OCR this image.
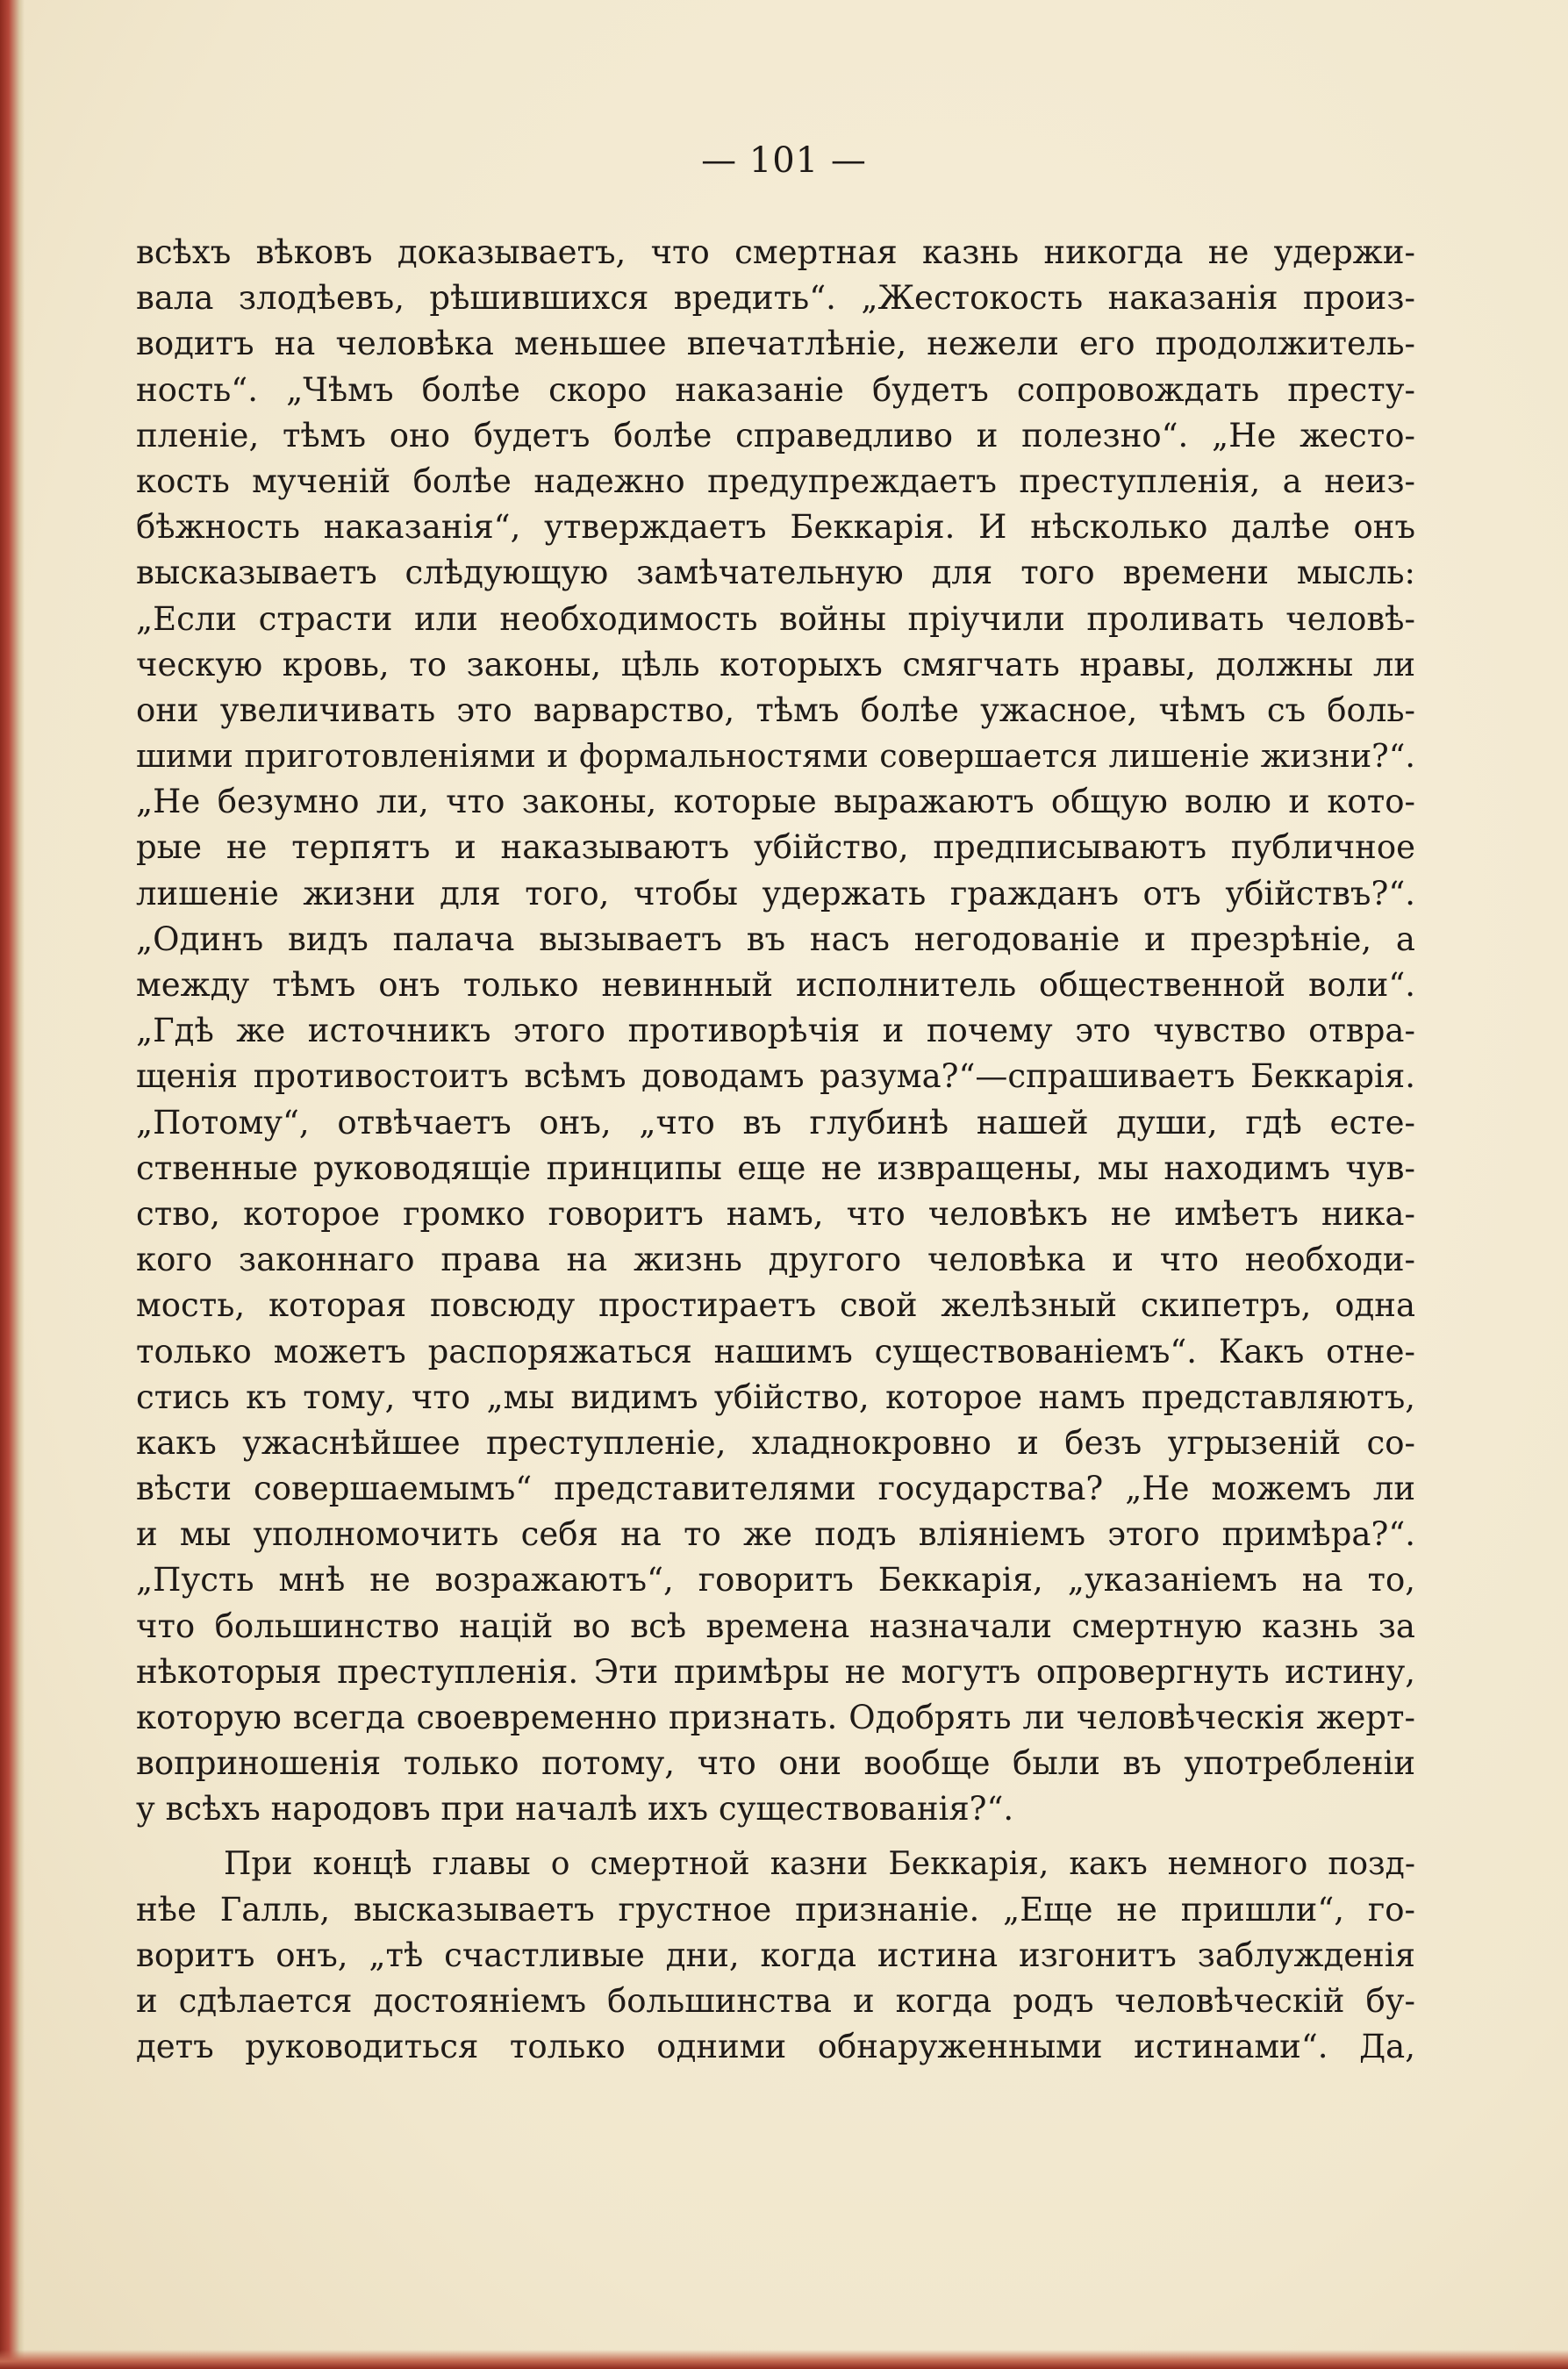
— 101 —
всѣхъ вѣковъ доказываетъ, что смертная казнь никогда не удержи-
вала злодѣевъ, рѣшившихся вредить“. „Жестокость наказанія произ-
водитъ на человѣка меньшее впечатлѣніе, нежели его продолжитель-
ность“. „Чѣмъ болѣе скоро наказаніе будетъ сопровождать престу-
пленіе, тѣмъ оно будетъ болѣе справедливо и полезно“. „Не жесто-
кость мученій болѣе надежно предупреждаетъ преступленія, а неиз-
бѣжность наказанія“, утверждаетъ Беккарія. И нѣсколько далѣе онъ
высказываетъ слѣдующую замѣчательную для того времени мысль:
„Если страсти или необходимость войны пріучили проливать человѣ-
ческую кровь, то законы, цѣль которыхъ смягчать нравы, должны ли
они увеличивать это варварство, тѣмъ болѣе ужасное, чѣмъ съ боль-
шими приготовленіями и формальностями совершается лишеніе жизни?“.
„Не безумно ли, что законы, которые выражаютъ общую волю и кото-
рые не терпятъ и наказываютъ убійство, предписываютъ публичное
лишеніе жизни для того, чтобы удержать гражданъ отъ убійствъ?“.
„Одинъ видъ палача вызываетъ въ насъ негодованіе и презрѣніе, а
между тѣмъ онъ только невинный исполнитель общественной воли“.
„Гдѣ же источникъ этого противорѣчія и почему это чувство отвра-
щенія противостоитъ всѣмъ доводамъ разума?“—спрашиваетъ Беккарія.
„Потому“, отвѣчаетъ онъ, „что въ глубинѣ нашей души, гдѣ есте-
ственные руководящіе принципы еще не извращены, мы находимъ чув-
ство, которое громко говоритъ намъ, что человѣкъ не имѣетъ ника-
кого законнаго права на жизнь другого человѣка и что необходи-
мость, которая повсюду простираетъ свой желѣзный скипетръ, одна
только можетъ распоряжаться нашимъ существованіемъ“. Какъ отне-
стись къ тому, что „мы видимъ убійство, которое намъ представляютъ,
какъ ужаснѣйшее преступленіе, хладнокровно и безъ угрызеній со-
вѣсти совершаемымъ“ представителями государства? „Не можемъ ли
и мы уполномочить себя на то же подъ вліяніемъ этого примѣра?“.
„Пусть мнѣ не возражаютъ“, говоритъ Беккарія, „указаніемъ на то,
что большинство націй во всѣ времена назначали смертную казнь за
нѣкоторыя преступленія. Эти примѣры не могутъ опровергнуть истину,
которую всегда своевременно признать. Одобрять ли человѣческія жерт-
вопринoшенія только потому, что они вообще были въ употребленіи
у всѣхъ народовъ при началѣ ихъ существованія?“.
При концѣ главы о смертной казни Беккарія, какъ немного позд-
нѣе Галль, высказываетъ грустное признаніе. „Еще не пришли“, го-
воритъ онъ, „тѣ счастливые дни, когда истина изгонитъ заблужденія
и сдѣлается достояніемъ большинства и когда родъ человѣческій бу-
детъ руководиться только одними обнаруженными истинами“. Да,
